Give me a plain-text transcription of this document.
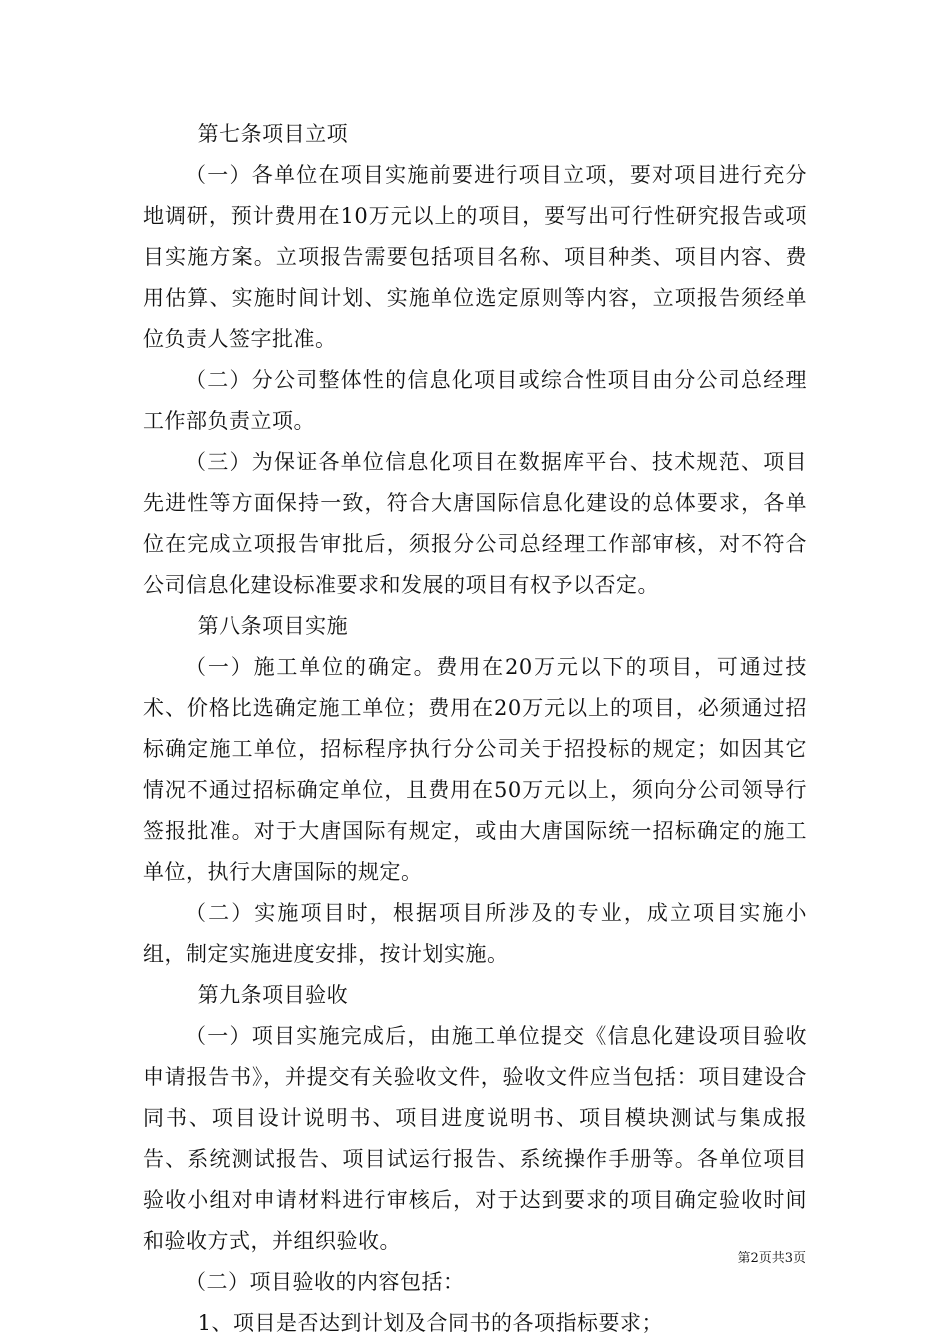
第七条项目立项

（一）各单位在项目实施前要进行项目立项，要对项目进行充分地调研，预计费用在10万元以上的项目，要写出可行性研究报告或项目实施方案。立项报告需要包括项目名称、项目种类、项目内容、费用估算、实施时间计划、实施单位选定原则等内容，立项报告须经单位负责人签字批准。

（二）分公司整体性的信息化项目或综合性项目由分公司总经理工作部负责立项。

（三）为保证各单位信息化项目在数据库平台、技术规范、项目先进性等方面保持一致，符合大唐国际信息化建设的总体要求，各单位在完成立项报告审批后，须报分公司总经理工作部审核，对不符合公司信息化建设标准要求和发展的项目有权予以否定。

第八条项目实施

（一）施工单位的确定。费用在20万元以下的项目，可通过技术、价格比选确定施工单位；费用在20万元以上的项目，必须通过招标确定施工单位，招标程序执行分公司关于招投标的规定；如因其它情况不通过招标确定单位，且费用在50万元以上，须向分公司领导行签报批准。对于大唐国际有规定，或由大唐国际统一招标确定的施工单位，执行大唐国际的规定。

（二）实施项目时，根据项目所涉及的专业，成立项目实施小组，制定实施进度安排，按计划实施。

第九条项目验收

（一）项目实施完成后，由施工单位提交《信息化建设项目验收申请报告书》，并提交有关验收文件，验收文件应当包括：项目建设合同书、项目设计说明书、项目进度说明书、项目模块测试与集成报告、系统测试报告、项目试运行报告、系统操作手册等。各单位项目验收小组对申请材料进行审核后，对于达到要求的项目确定验收时间和验收方式，并组织验收。

（二）项目验收的内容包括：

1、项目是否达到计划及合同书的各项指标要求；

第2页共3页
